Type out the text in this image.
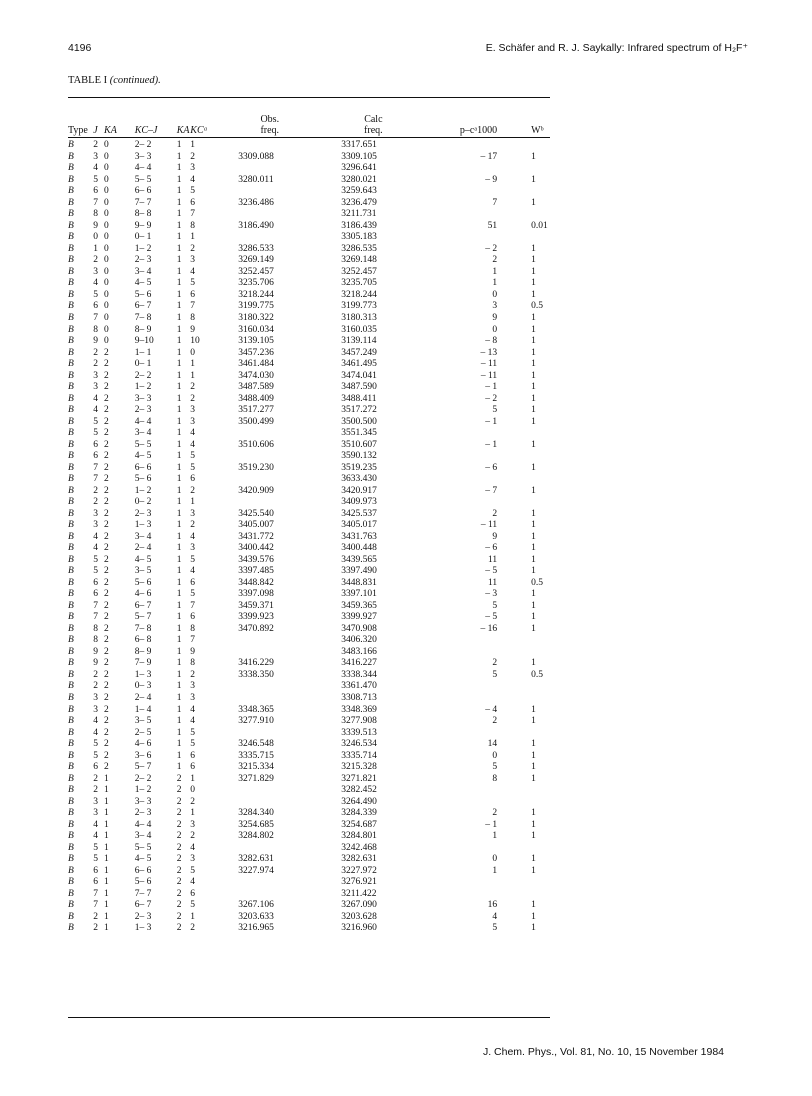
4196	E. Schäfer and R. J. Saykally: Infrared spectrum of H₂F⁺
TABLE I (continued).
Type	J	KA	KC–J	KA	KCᵃ	Obs.
freq.	Calc
freq.	p–cᵃ1000	Wᵇ
B	2	0	2– 2	1	1		3317.651		
B	3	0	3– 3	1	2	3309.088	3309.105	– 17	1
B	4	0	4– 4	1	3		3296.641		
B	5	0	5– 5	1	4	3280.011	3280.021	– 9	1
B	6	0	6– 6	1	5		3259.643		
B	7	0	7– 7	1	6	3236.486	3236.479	7	1
B	8	0	8– 8	1	7		3211.731		
B	9	0	9– 9	1	8	3186.490	3186.439	51	0.01
B	0	0	0– 1	1	1		3305.183		
B	1	0	1– 2	1	2	3286.533	3286.535	– 2	1
B	2	0	2– 3	1	3	3269.149	3269.148	2	1
B	3	0	3– 4	1	4	3252.457	3252.457	1	1
B	4	0	4– 5	1	5	3235.706	3235.705	1	1
B	5	0	5– 6	1	6	3218.244	3218.244	0	1
B	6	0	6– 7	1	7	3199.775	3199.773	3	0.5
B	7	0	7– 8	1	8	3180.322	3180.313	9	1
B	8	0	8– 9	1	9	3160.034	3160.035	0	1
B	9	0	9–10	1	10	3139.105	3139.114	– 8	1
B	2	2	1– 1	1	0	3457.236	3457.249	– 13	1
B	2	2	0– 1	1	1	3461.484	3461.495	– 11	1
B	3	2	2– 2	1	1	3474.030	3474.041	– 11	1
B	3	2	1– 2	1	2	3487.589	3487.590	– 1	1
B	4	2	3– 3	1	2	3488.409	3488.411	– 2	1
B	4	2	2– 3	1	3	3517.277	3517.272	5	1
B	5	2	4– 4	1	3	3500.499	3500.500	– 1	1
B	5	2	3– 4	1	4		3551.345		
B	6	2	5– 5	1	4	3510.606	3510.607	– 1	1
B	6	2	4– 5	1	5		3590.132		
B	7	2	6– 6	1	5	3519.230	3519.235	– 6	1
B	7	2	5– 6	1	6		3633.430		
B	2	2	1– 2	1	2	3420.909	3420.917	– 7	1
B	2	2	0– 2	1	1		3409.973		
B	3	2	2– 3	1	3	3425.540	3425.537	2	1
B	3	2	1– 3	1	2	3405.007	3405.017	– 11	1
B	4	2	3– 4	1	4	3431.772	3431.763	9	1
B	4	2	2– 4	1	3	3400.442	3400.448	– 6	1
B	5	2	4– 5	1	5	3439.576	3439.565	11	1
B	5	2	3– 5	1	4	3397.485	3397.490	– 5	1
B	6	2	5– 6	1	6	3448.842	3448.831	11	0.5
B	6	2	4– 6	1	5	3397.098	3397.101	– 3	1
B	7	2	6– 7	1	7	3459.371	3459.365	5	1
B	7	2	5– 7	1	6	3399.923	3399.927	– 5	1
B	8	2	7– 8	1	8	3470.892	3470.908	– 16	1
B	8	2	6– 8	1	7		3406.320		
B	9	2	8– 9	1	9		3483.166		
B	9	2	7– 9	1	8	3416.229	3416.227	2	1
B	2	2	1– 3	1	2	3338.350	3338.344	5	0.5
B	2	2	0– 3	1	3		3361.470		
B	3	2	2– 4	1	3		3308.713		
B	3	2	1– 4	1	4	3348.365	3348.369	– 4	1
B	4	2	3– 5	1	4	3277.910	3277.908	2	1
B	4	2	2– 5	1	5		3339.513		
B	5	2	4– 6	1	5	3246.548	3246.534	14	1
B	5	2	3– 6	1	6	3335.715	3335.714	0	1
B	6	2	5– 7	1	6	3215.334	3215.328	5	1
B	2	1	2– 2	2	1	3271.829	3271.821	8	1
B	2	1	1– 2	2	0		3282.452		
B	3	1	3– 3	2	2		3264.490		
B	3	1	2– 3	2	1	3284.340	3284.339	2	1
B	4	1	4– 4	2	3	3254.685	3254.687	– 1	1
B	4	1	3– 4	2	2	3284.802	3284.801	1	1
B	5	1	5– 5	2	4		3242.468		
B	5	1	4– 5	2	3	3282.631	3282.631	0	1
B	6	1	6– 6	2	5	3227.974	3227.972	1	1
B	6	1	5– 6	2	4		3276.921		
B	7	1	7– 7	2	6		3211.422		
B	7	1	6– 7	2	5	3267.106	3267.090	16	1
B	2	1	2– 3	2	1	3203.633	3203.628	4	1
B	2	1	1– 3	2	2	3216.965	3216.960	5	1
J. Chem. Phys., Vol. 81, No. 10, 15 November 1984
